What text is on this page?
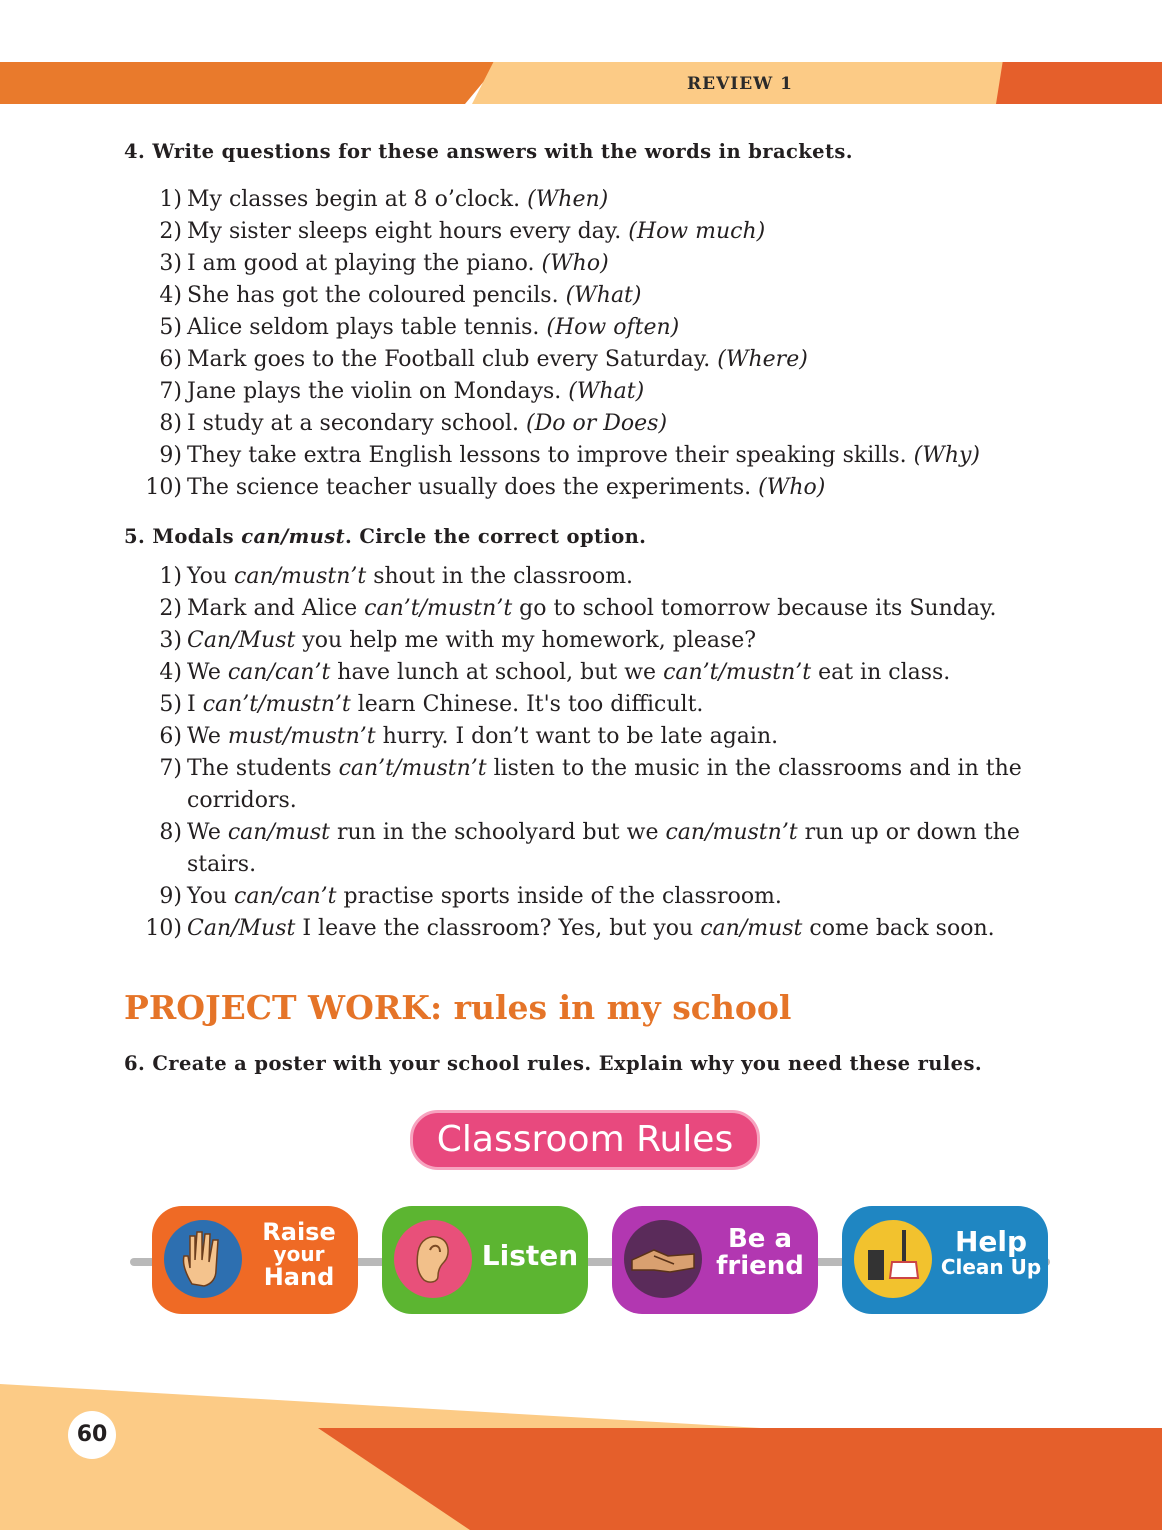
REVIEW 1
4. Write questions for these answers with the words in brackets.
1) My classes begin at 8 o’clock. (When)
2) My sister sleeps eight hours every day. (How much)
3) I am good at playing the piano. (Who)
4) She has got the coloured pencils. (What)
5) Alice seldom plays table tennis. (How often)
6) Mark goes to the Football club every Saturday. (Where)
7) Jane plays the violin on Mondays. (What)
8) I study at a secondary school. (Do or Does)
9) They take extra English lessons to improve their speaking skills. (Why)
10) The science teacher usually does the experiments. (Who)
5. Modals can/must. Circle the correct option.
1) You can/mustn’t shout in the classroom.
2) Mark and Alice can’t/mustn’t go to school tomorrow because its Sunday.
3) Can/Must you help me with my homework, please?
4) We can/can’t have lunch at school, but we can’t/mustn’t eat in class.
5) I can’t/mustn’t learn Chinese. It's too difficult.
6) We must/mustn’t hurry. I don’t want to be late again.
7) The students can’t/mustn’t listen to the music in the classrooms and in the corridors.
8) We can/must run in the schoolyard but we can/mustn’t run up or down the stairs.
9) You can/can’t practise sports inside of the classroom.
10) Can/Must I leave the classroom? Yes, but you can/must come back soon.
PROJECT WORK: rules in my school
6. Create a poster with your school rules. Explain why you need these rules.
Classroom Rules
Raise
your
Hand
Listen	Be a
friend
Help
Clean Up
60
